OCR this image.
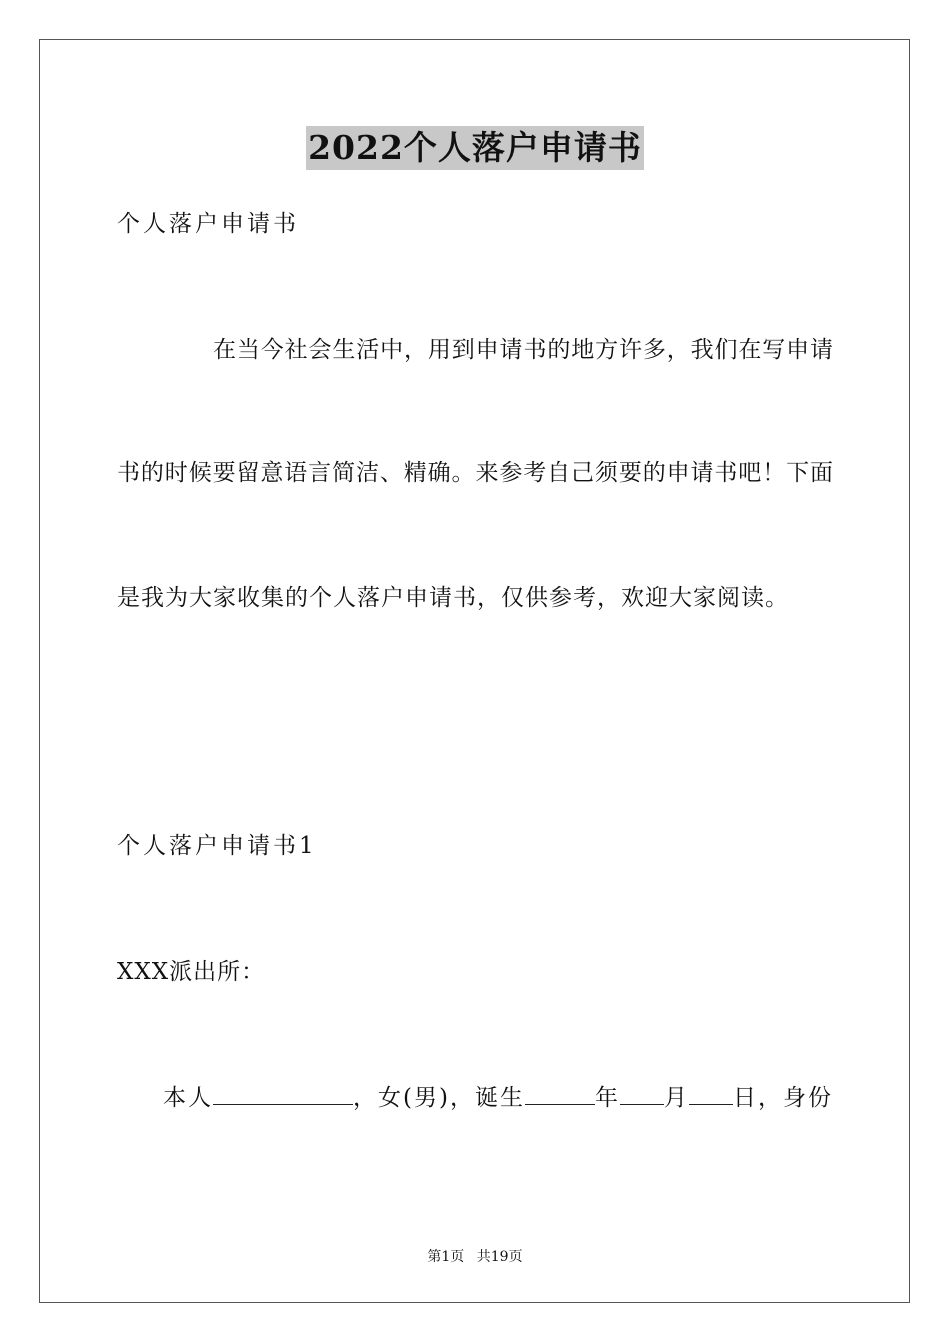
2022个人落户申请书
个人落户申请书
在当今社会生活中，用到申请书的地方许多，我们在写申请
书的时候要留意语言简洁、精确。来参考自己须要的申请书吧！下面
是我为大家收集的个人落户申请书，仅供参考，欢迎大家阅读。
个人落户申请书1
XXX派出所：
本人	，女(男)，诞生	年 月 日，身份
第1页 共19页
